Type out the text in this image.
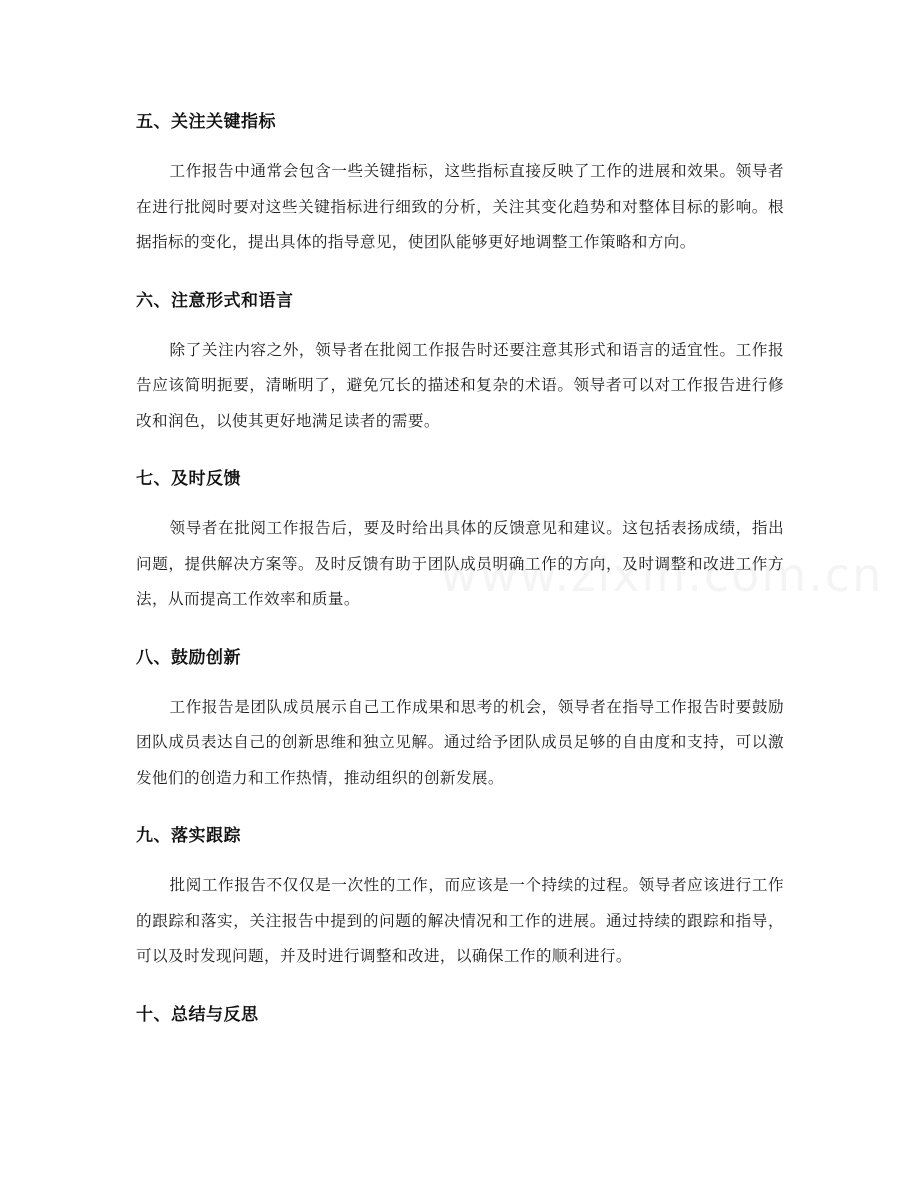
五、关注关键指标

工作报告中通常会包含一些关键指标，这些指标直接反映了工作的进展和效果。领导者在进行批阅时要对这些关键指标进行细致的分析，关注其变化趋势和对整体目标的影响。根据指标的变化，提出具体的指导意见，使团队能够更好地调整工作策略和方向。

六、注意形式和语言

除了关注内容之外，领导者在批阅工作报告时还要注意其形式和语言的适宜性。工作报告应该简明扼要，清晰明了，避免冗长的描述和复杂的术语。领导者可以对工作报告进行修改和润色，以使其更好地满足读者的需要。

七、及时反馈

领导者在批阅工作报告后，要及时给出具体的反馈意见和建议。这包括表扬成绩，指出问题，提供解决方案等。及时反馈有助于团队成员明确工作的方向，及时调整和改进工作方法，从而提高工作效率和质量。

八、鼓励创新

工作报告是团队成员展示自己工作成果和思考的机会，领导者在指导工作报告时要鼓励团队成员表达自己的创新思维和独立见解。通过给予团队成员足够的自由度和支持，可以激发他们的创造力和工作热情，推动组织的创新发展。

九、落实跟踪

批阅工作报告不仅仅是一次性的工作，而应该是一个持续的过程。领导者应该进行工作的跟踪和落实，关注报告中提到的问题的解决情况和工作的进展。通过持续的跟踪和指导，可以及时发现问题，并及时进行调整和改进，以确保工作的顺利进行。

十、总结与反思
